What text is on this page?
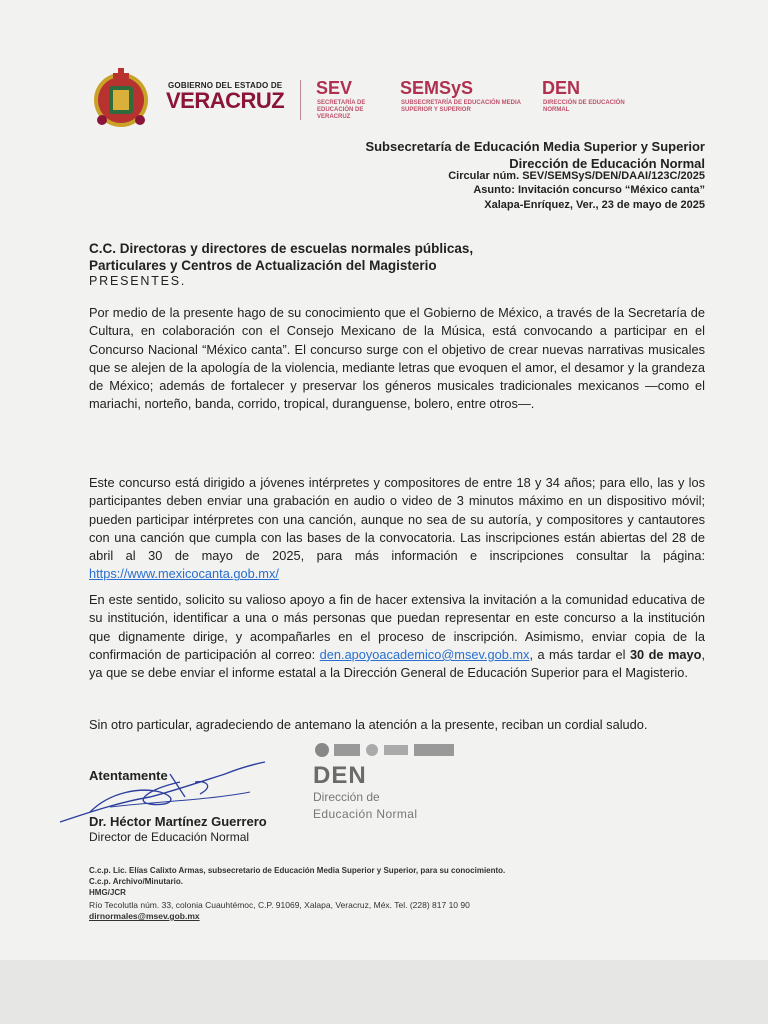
GOBIERNO DEL ESTADO DE
VERACRUZ SEV
SECRETARÍA DE EDUCACIÓN DE VERACRUZ
SEMSyS
SUBSECRETARÍA DE EDUCACIÓN MEDIA SUPERIOR Y SUPERIOR
DEN
DIRECCIÓN DE EDUCACIÓN NORMAL
Subsecretaría de Educación Media Superior y Superior
Dirección de Educación Normal
Circular núm. SEV/SEMSyS/DEN/DAAI/123C/2025
Asunto: Invitación concurso “México canta”
Xalapa-Enríquez, Ver., 23 de mayo de 2025
C.C. Directoras y directores de escuelas normales públicas,
Particulares y Centros de Actualización del Magisterio
PRESENTES.

Por medio de la presente hago de su conocimiento que el Gobierno de México, a través de la Secretaría de Cultura, en colaboración con el Consejo Mexicano de la Música, está convocando a participar en el Concurso Nacional “México canta”. El concurso surge con el objetivo de crear nuevas narrativas musicales que se alejen de la apología de la violencia, mediante letras que evoquen el amor, el desamor y la grandeza de México; además de fortalecer y preservar los géneros musicales tradicionales mexicanos —como el mariachi, norteño, banda, corrido, tropical, duranguense, bolero, entre otros—.

Este concurso está dirigido a jóvenes intérpretes y compositores de entre 18 y 34 años; para ello, las y los participantes deben enviar una grabación en audio o video de 3 minutos máximo en un dispositivo móvil; pueden participar intérpretes con una canción, aunque no sea de su autoría, y compositores y cantautores con una canción que cumpla con las bases de la convocatoria. Las inscripciones están abiertas del 28 de abril al 30 de mayo de 2025, para más información e inscripciones consultar la página: https://www.mexicocanta.gob.mx/

En este sentido, solicito su valioso apoyo a fin de hacer extensiva la invitación a la comunidad educativa de su institución, identificar a una o más personas que puedan representar en este concurso a la institución que dignamente dirige, y acompañarles en el proceso de inscripción. Asimismo, enviar copia de la confirmación de participación al correo: den.apoyoacademico@msev.gob.mx, a más tardar el 30 de mayo, ya que se debe enviar el informe estatal a la Dirección General de Educación Superior para el Magisterio.

Sin otro particular, agradeciendo de antemano la atención a la presente, reciban un cordial saludo.

Atentamente
Dr. Héctor Martínez Guerrero
Director de Educación Normal
DEN
Dirección de
Educación Normal
C.c.p. Lic. Elías Calixto Armas, subsecretario de Educación Media Superior y Superior, para su conocimiento.
C.c.p. Archivo/Minutario.
HMG/JCR
Río Tecolutla núm. 33, colonia Cuauhtémoc, C.P. 91069, Xalapa, Veracruz, Méx. Tel. (228) 817 10 90
dirnormales@msev.gob.mx
